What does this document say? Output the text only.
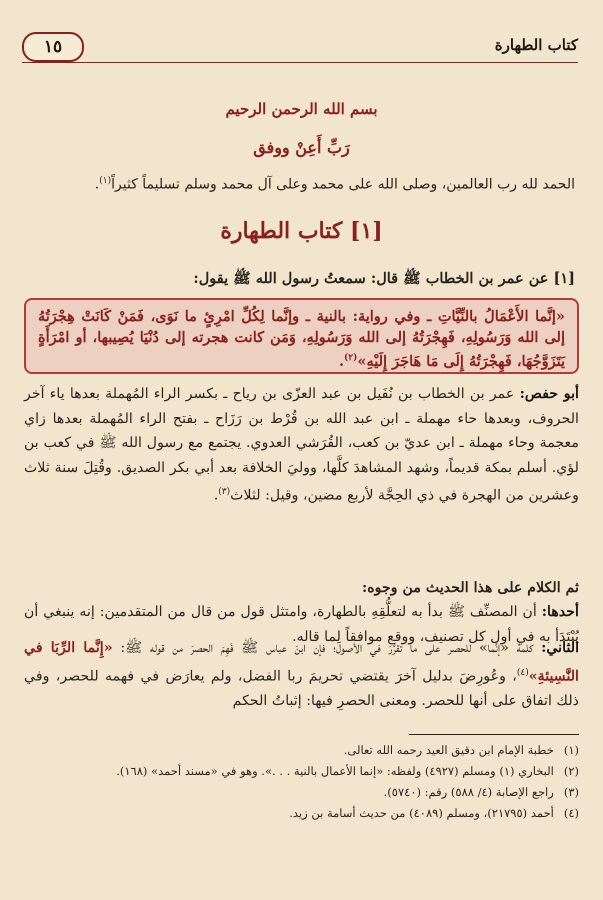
كتاب الطهارة
١٥
بسم الله الرحمن الرحيم
رَبِّ أَعِنْ ووفق
الحمد لله رب العالمين، وصلى الله على محمد وعلى آل محمد وسلم تسليماً كثيراً$^{(١)}$.
[١] كتاب الطهارة
[١] عن عمر بن الخطاب ﷺ قال: سمعتُ رسول الله ﷺ يقول:
«إنَّما الأَعْمَالُ بالنِّيَّاتِ ـ وفي رواية: بالنية ـ وإنَّما لِكُلِّ امْرِئٍ ما نَوَى، فَمَنْ كَانَتْ هِجْرَتُهُ إلى الله وَرَسُولِهِ، فَهِجْرَتُهُ إلى الله وَرَسُولِهِ، وَمَن كانت هجرته إلى دُنْيَا يُصِيبها، أو امْرَأَةٍ يَتَزَوَّجُهَا، فَهِجْرَتُهُ إِلَى مَا هَاجَرَ إِلَيْهِ»$^{(٢)}$.
أبو حفص: عمر بن الخطاب بن نُفَيل بن عبد العزّى بن رياح ـ بكسر الراء المُهملة بعدها ياء آخر الحروف، وبعدها حاء مهملة ـ ابن عبد الله بن قُرْط بن رَزَاح ـ بفتح الراء المُهملة بعدها زاي معجمة وحاء مهملة ـ ابن عديّ بن كعب، القُرَشي العدوي. يجتمع مع رسول الله ﷺ في كعب بن لؤي. أسلم بمكة قديماً، وشهد المشاهدَ كلَّها، ووليَ الخلافة بعد أبي بكر الصديق. وقُتِلَ سنة ثلاث وعشرين من الهجرة في ذي الحِجَّة لأربع مضين، وقيل: لثلاث$^{(٣)}$.
ثم الكلام على هذا الحديث من وجوه:
أحدها: أن المصنِّف ﷺ بدأ به لتعلُّقِهِ بالطهارة، وامتثل قول من قال من المتقدمين: إنه ينبغي أن يُبْتَدَأ به في أول كل تصنيف، ووقع موافقاً لِما قاله.
الثاني: كلمة «إنَّما» للحصر على ما تقرَّرَ في الأصول؛ فإن ابنَ عباس ﷺ فَهِمَ الحصرَ من قوله ﷺ: «إِنَّما الرِّبَا في النَّسِيئةِ»$^{(٤)}$، وعُورِضَ بدليل آخرَ يقتضي تحريمَ ربا الفضل، ولم يعارَض في فهمه للحصر، وفي ذلك اتفاق على أنها للحصر. ومعنى الحصرِ فيها: إثباتُ الحكم
(١)خطبة الإمام ابن دقيق العيد رحمه الله تعالى.
(٢)البخاري (١) ومسلم (٤٩٢٧) ولفظه: «إنما الأعمال بالنية . . .». وهو في «مسند أحمد» (١٦٨).
(٣)راجع الإصابة (٤/ ٥٨٨) رقم: (٥٧٤٠).
(٤)أحمد (٢١٧٩٥)، ومسلم (٤٠٨٩) من حديث أسامة بن زيد.
